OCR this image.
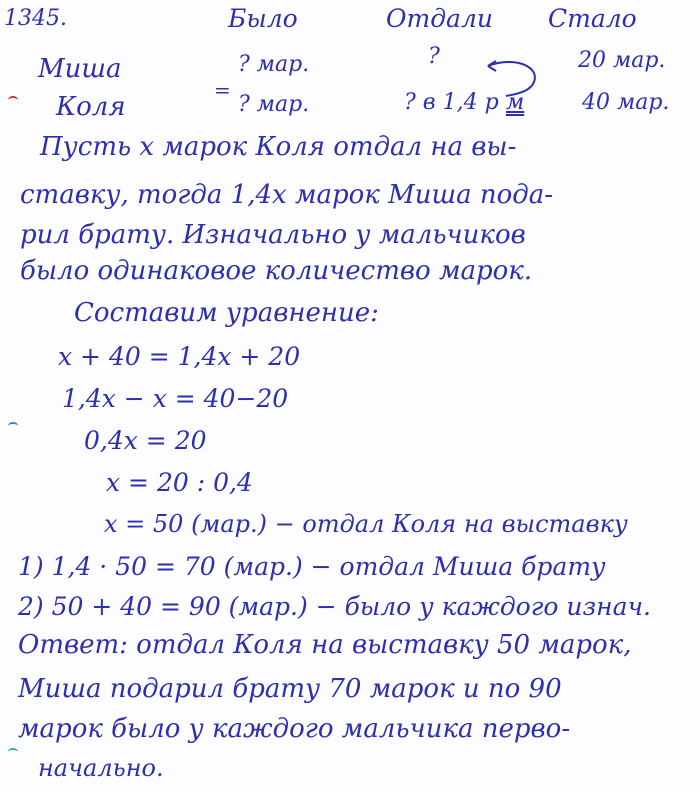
1345.	Было	Отдали Стало
Миша	? мар.	?	20 мар.
=
Коля	? мар.	? в 1,4 р м	40 мар.
Пусть x марок Коля отдал на вы-
ставку, тогда 1,4x марок Миша пода-
рил брату. Изначально у мальчиков
было одинаковое количество марок.
Составим уравнение:
x + 40 = 1,4x + 20
1,4x − x = 40−20
0,4x = 20
x = 20 : 0,4
x = 50 (мар.) − отдал Коля на выставку
1) 1,4 · 50 = 70 (мар.) − отдал Миша брату
2) 50 + 40 = 90 (мар.) − было у каждого изнач.
Ответ: отдал Коля на выставку 50 марок,
Миша подарил брату 70 марок и по 90
марок было у каждого мальчика перво-
начально.
